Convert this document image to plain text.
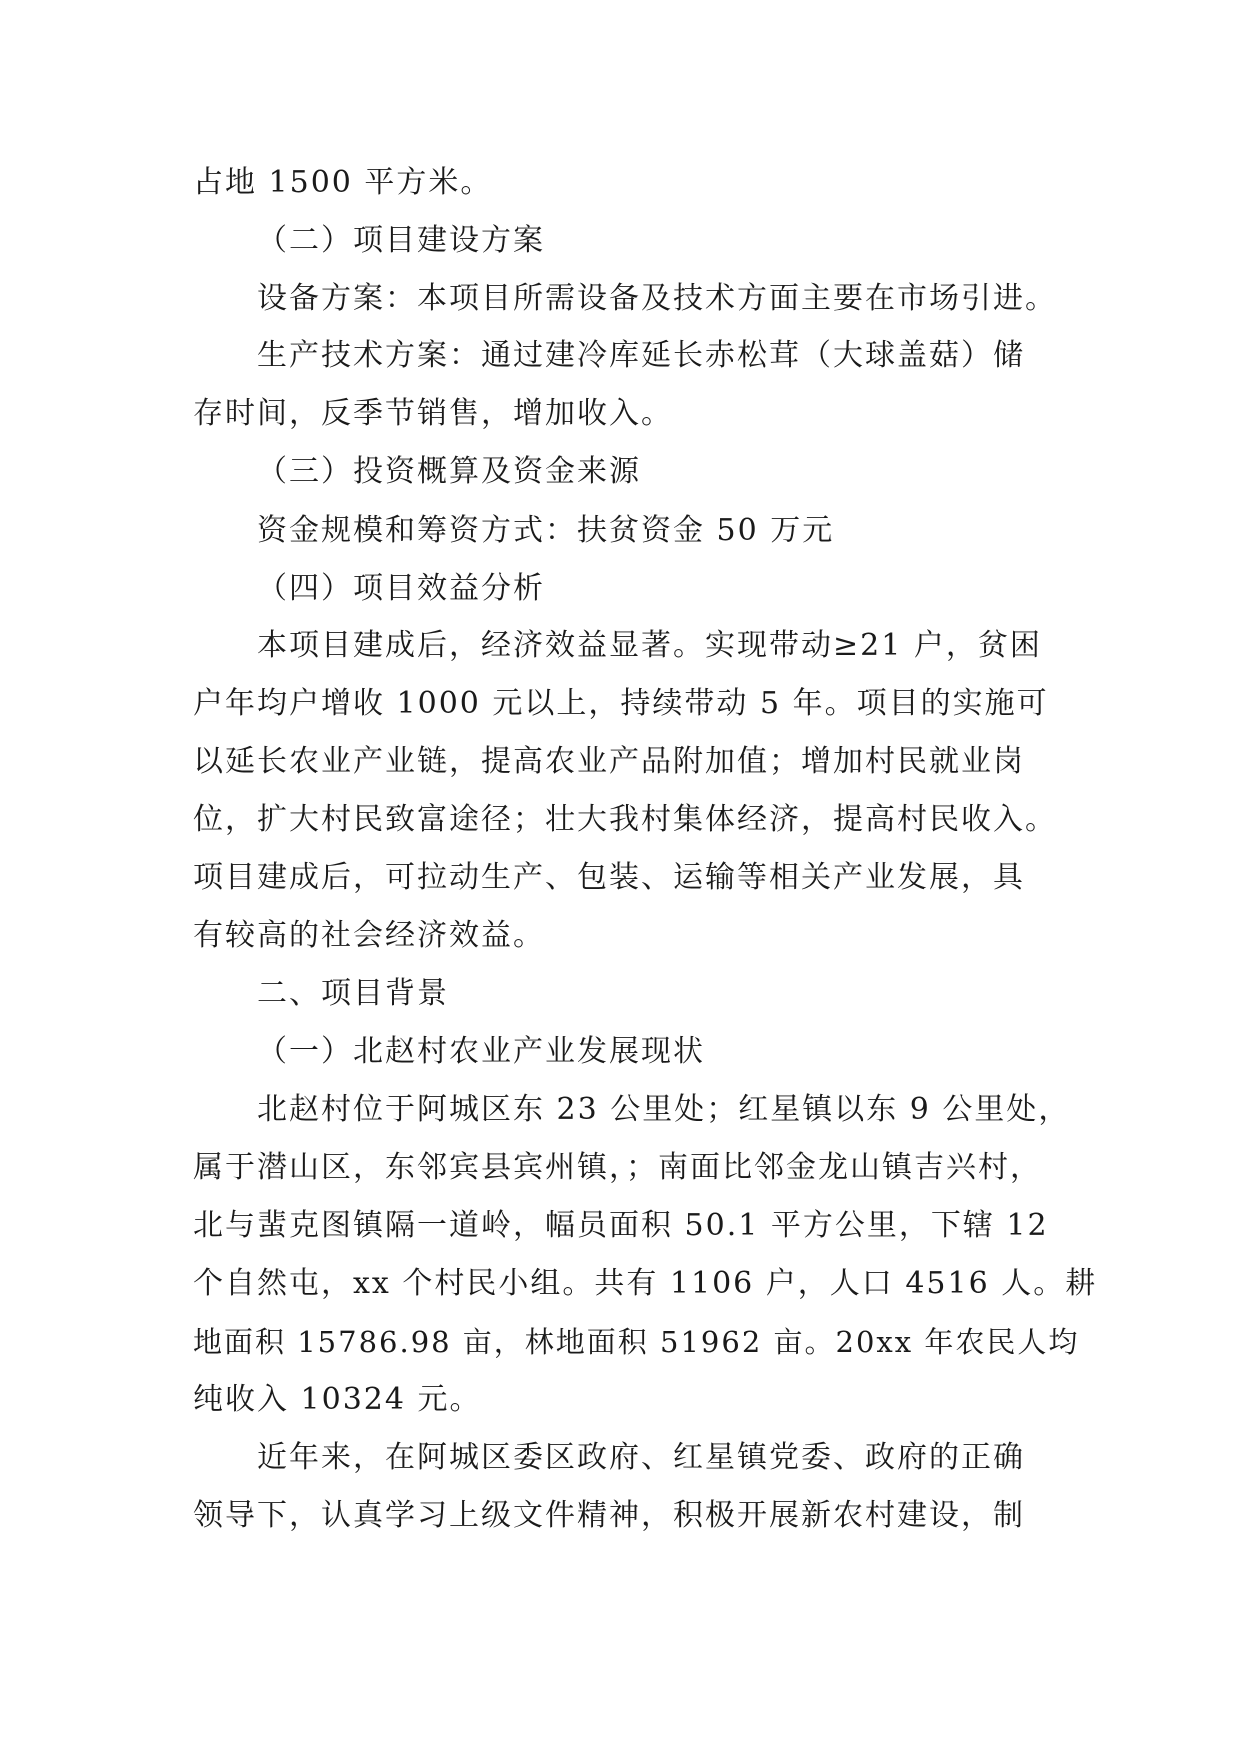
占地 1500 平方米。
（二）项目建设方案
设备方案：本项目所需设备及技术方面主要在市场引进。
生产技术方案：通过建冷库延长赤松茸（大球盖菇）储
存时间，反季节销售，增加收入。
（三）投资概算及资金来源
资金规模和筹资方式：扶贫资金 50 万元
（四）项目效益分析
本项目建成后，经济效益显著。实现带动≥21 户，贫困
户年均户增收 1000 元以上，持续带动 5 年。项目的实施可
以延长农业产业链，提高农业产品附加值；增加村民就业岗
位，扩大村民致富途径；壮大我村集体经济，提高村民收入。
项目建成后，可拉动生产、包装、运输等相关产业发展，具
有较高的社会经济效益。
二、项目背景
（一）北赵村农业产业发展现状
北赵村位于阿城区东 23 公里处；红星镇以东 9 公里处，
属于潜山区，东邻宾县宾州镇，；南面比邻金龙山镇吉兴村，
北与蜚克图镇隔一道岭，幅员面积 50.1 平方公里，下辖 12
个自然屯，xx 个村民小组。共有 1106 户，人口 4516 人。耕
地面积 15786.98 亩，林地面积 51962 亩。20xx 年农民人均
纯收入 10324 元。
近年来，在阿城区委区政府、红星镇党委、政府的正确
领导下，认真学习上级文件精神，积极开展新农村建设，制
